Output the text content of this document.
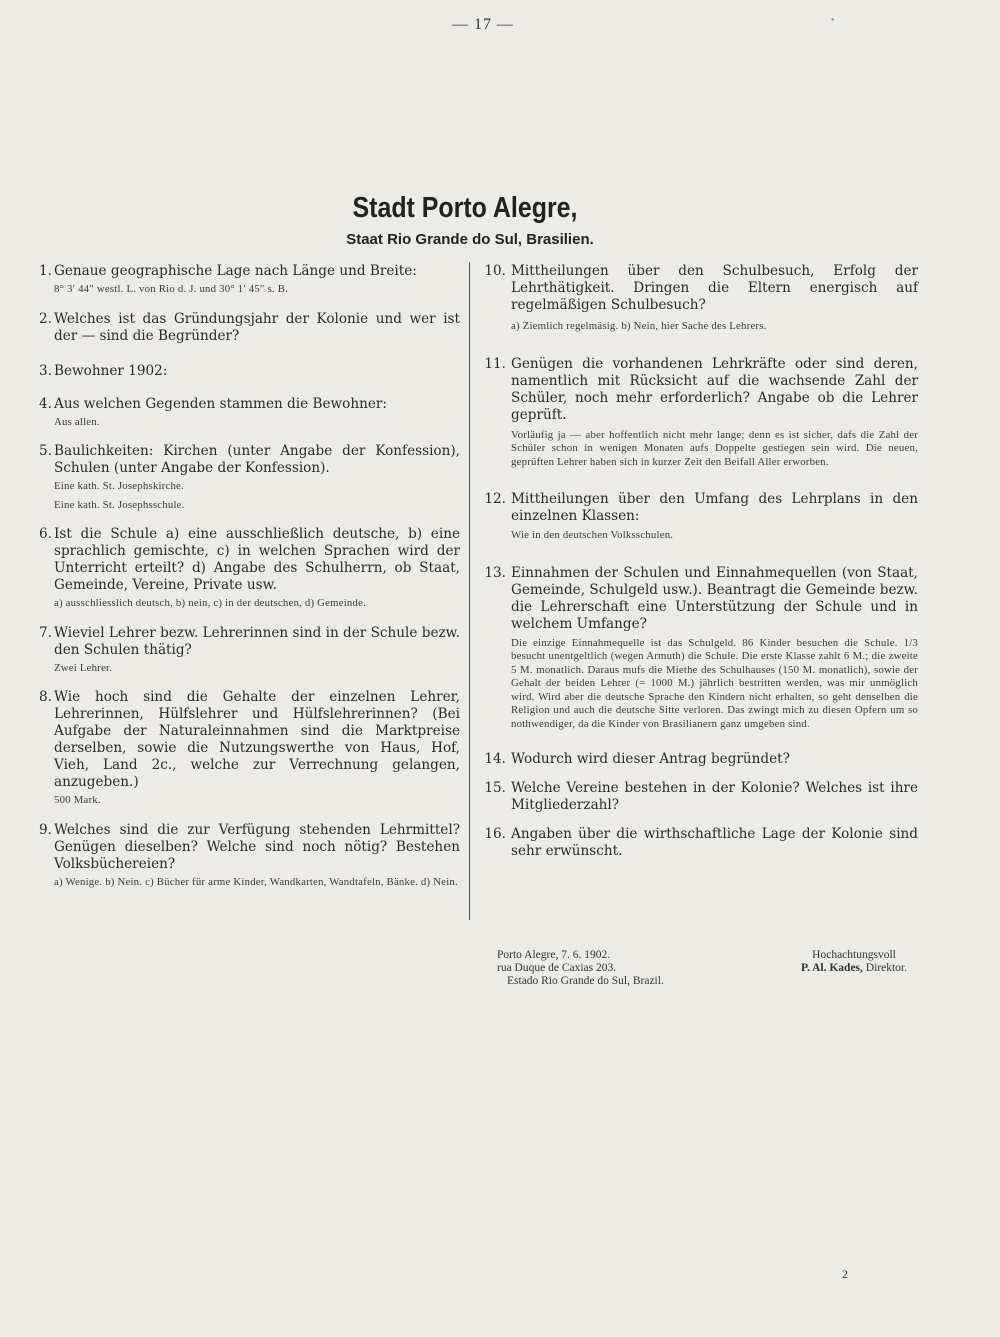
— 17 —	•
Stadt Porto Alegre,
Staat Rio Grande do Sul, Brasilien.
1. Genaue geographische Lage nach Länge und Breite:
8° 3′ 44″ westl. L. von Rio d. J. und 30° 1′ 45″ s. B.
2. Welches ist das Gründungsjahr der Kolonie und wer ist der — sind die Begründer?
3. Bewohner 1902:
4. Aus welchen Gegenden stammen die Bewohner:
Aus allen.
5. Baulichkeiten: Kirchen (unter Angabe der Konfession), Schulen (unter Angabe der Konfession).
Eine kath. St. Josephskirche.
Eine kath. St. Josephsschule.
6. Ist die Schule a) eine ausschließlich deutsche, b) eine sprachlich gemischte, c) in welchen Sprachen wird der Unterricht erteilt? d) Angabe des Schulherrn, ob Staat, Gemeinde, Vereine, Private usw.
a) ausschliesslich deutsch, b) nein, c) in der deutschen, d) Gemeinde.
7. Wieviel Lehrer bezw. Lehrerinnen sind in der Schule bezw. den Schulen thätig?
Zwei Lehrer.
8. Wie hoch sind die Gehalte der einzelnen Lehrer, Lehrerinnen, Hülfslehrer und Hülfslehrerinnen? (Bei Aufgabe der Naturaleinnahmen sind die Marktpreise derselben, sowie die Nutzungswerthe von Haus, Hof, Vieh, Land 2c., welche zur Verrechnung gelangen, anzugeben.)
500 Mark.
9. Welches sind die zur Verfügung stehenden Lehrmittel? Genügen dieselben? Welche sind noch nötig? Bestehen Volksbüchereien?
a) Wenige. b) Nein. c) Bücher für arme Kinder, Wandkarten, Wandtafeln, Bänke. d) Nein.
10. Mittheilungen über den Schulbesuch, Erfolg der Lehrthätigkeit. Dringen die Eltern energisch auf regelmäßigen Schulbesuch?
a) Ziemlich regelmäsig. b) Nein, hier Sache des Lehrers.
11. Genügen die vorhandenen Lehrkräfte oder sind deren, namentlich mit Rücksicht auf die wachsende Zahl der Schüler, noch mehr erforderlich? Angabe ob die Lehrer geprüft.
Vorläufig ja — aber hoffentlich nicht mehr lange; denn es ist sicher, dafs die Zahl der Schüler schon in wenigen Monaten aufs Doppelte gestiegen sein wird. Die neuen, geprüften Lehrer haben sich in kurzer Zeit den Beifall Aller erworben.
12. Mittheilungen über den Umfang des Lehrplans in den einzelnen Klassen:
Wie in den deutschen Volksschulen.
13. Einnahmen der Schulen und Einnahmequellen (von Staat, Gemeinde, Schulgeld usw.). Beantragt die Gemeinde bezw. die Lehrerschaft eine Unterstützung der Schule und in welchem Umfange?
Die einzige Einnahmequelle ist das Schulgeld. 86 Kinder besuchen die Schule. 1/3 besucht unentgeltlich (wegen Armuth) die Schule. Die erste Klasse zahlt 6 M.; die zweite 5 M. monatlich. Daraus mufs die Miethe des Schulhauses (150 M. monatlich), sowie der Gehalt der beiden Lehrer (= 1000 M.) jährlich bestritten werden, was mir unmöglich wird. Wird aber die deutsche Sprache den Kindern nicht erhalten, so geht denselben die Religion und auch die deutsche Sitte verloren. Das zwingt mich zu diesen Opfern um so nothwendiger, da die Kinder von Brasilianern ganz umgeben sind.
14. Wodurch wird dieser Antrag begründet?
15. Welche Vereine bestehen in der Kolonie? Welches ist ihre Mitgliederzahl?
16. Angaben über die wirthschaftliche Lage der Kolonie sind sehr erwünscht.
Porto Alegre, 7. 6. 1902.
rua Duque de Caxias 203.
Estado Rio Grande do Sul, Brazil.
Hochachtungsvoll
P. Al. Kades, Direktor.
2
